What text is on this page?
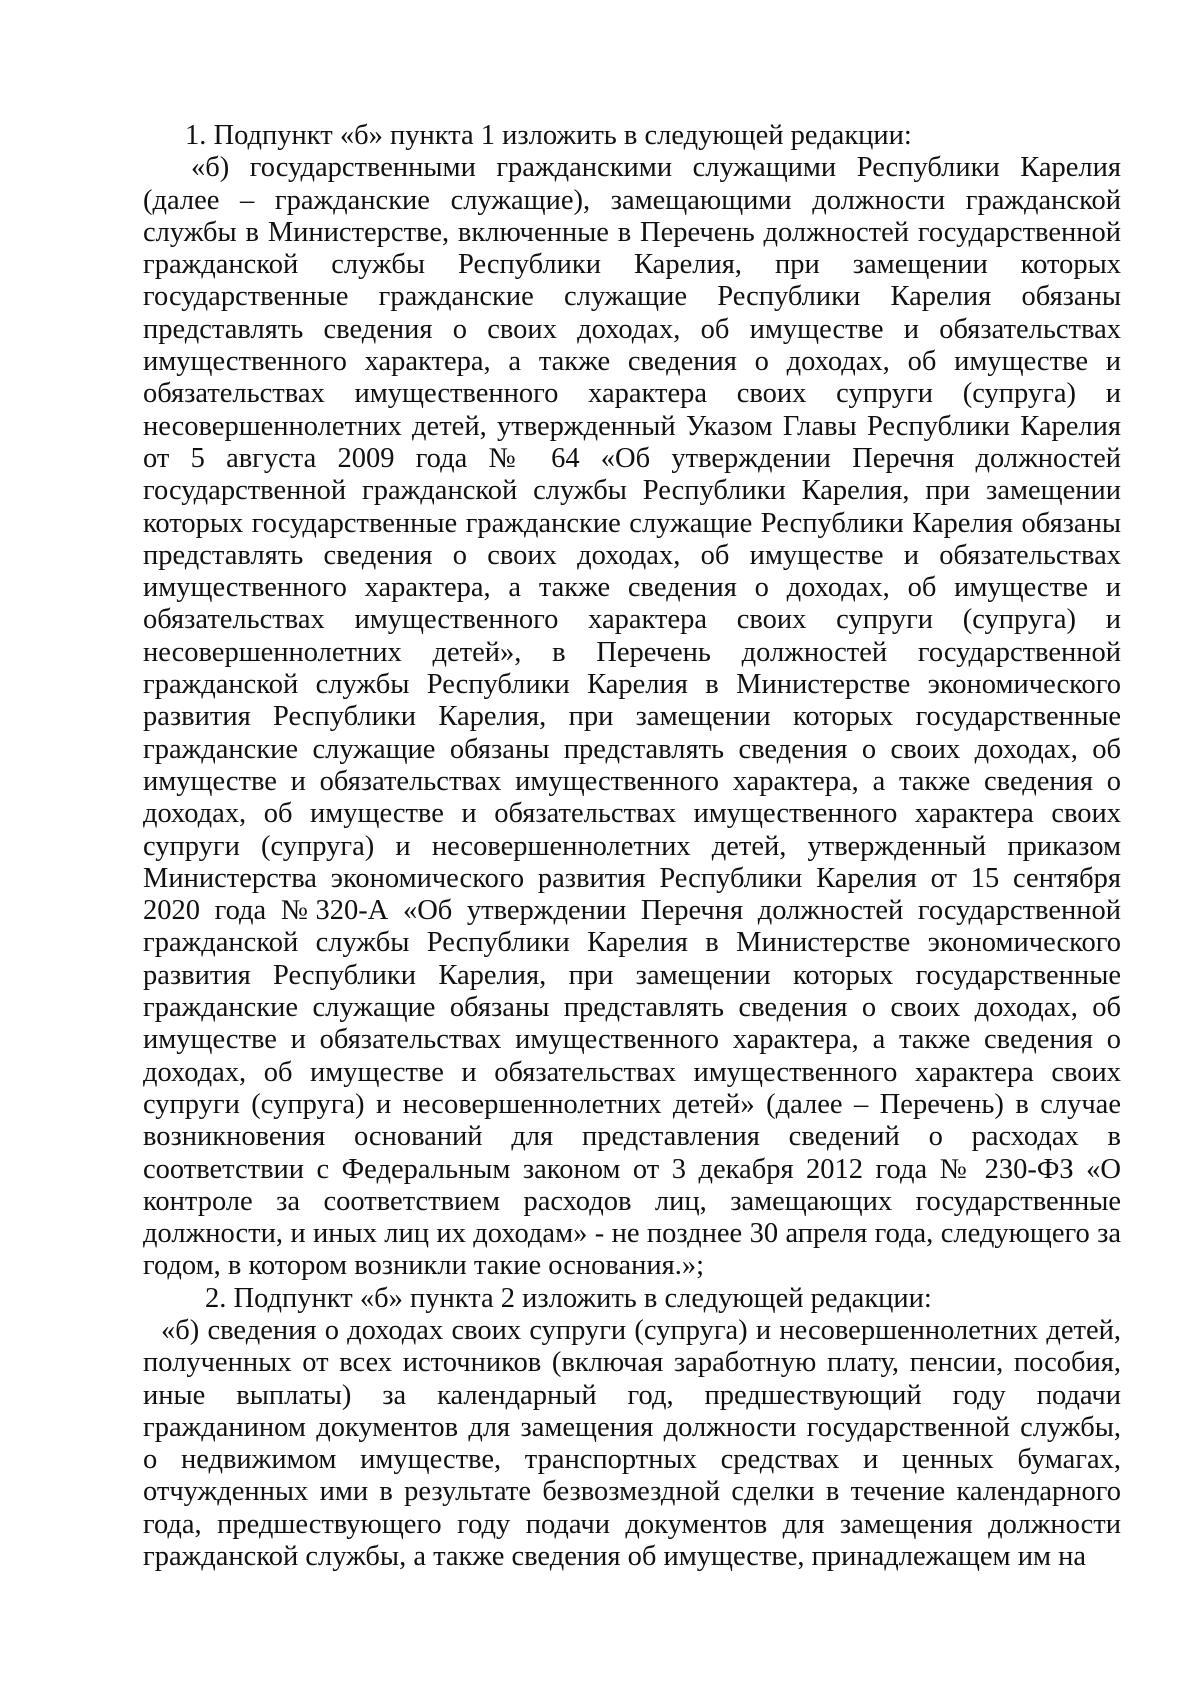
1. Подпункт «б» пункта 1 изложить в следующей редакции:

«б) государственными гражданскими служащими Республики Карелия (далее – гражданские служащие), замещающими должности гражданской службы в Министерстве, включенные в Перечень должностей государственной гражданской службы Республики Карелия, при замещении которых государственные гражданские служащие Республики Карелия обязаны представлять сведения о своих доходах, об имуществе и обязательствах имущественного характера, а также сведения о доходах, об имуществе и обязательствах имущественного характера своих супруги (супруга) и несовершеннолетних детей, утвержденный Указом Главы Республики Карелия от 5 августа 2009 года № 64 «Об утверждении Перечня должностей государственной гражданской службы Республики Карелия, при замещении которых государственные гражданские служащие Республики Карелия обязаны представлять сведения о своих доходах, об имуществе и обязательствах имущественного характера, а также сведения о доходах, об имуществе и обязательствах имущественного характера своих супруги (супруга) и несовершеннолетних детей», в Перечень должностей государственной гражданской службы Республики Карелия в Министерстве экономического развития Республики Карелия, при замещении которых государственные гражданские служащие обязаны представлять сведения о своих доходах, об имуществе и обязательствах имущественного характера, а также сведения о доходах, об имуществе и обязательствах имущественного характера своих супруги (супруга) и несовершеннолетних детей, утвержденный приказом Министерства экономического развития Республики Карелия от 15 сентября 2020 года №320-А «Об утверждении Перечня должностей государственной гражданской службы Республики Карелия в Министерстве экономического развития Республики Карелия, при замещении которых государственные гражданские служащие обязаны представлять сведения о своих доходах, об имуществе и обязательствах имущественного характера, а также сведения о доходах, об имуществе и обязательствах имущественного характера своих супруги (супруга) и несовершеннолетних детей» (далее – Перечень) в случае возникновения оснований для представления сведений о расходах в соответствии с Федеральным законом от 3 декабря 2012 года № 230-ФЗ «О контроле за соответствием расходов лиц, замещающих государственные должности, и иных лиц их доходам» - не позднее 30 апреля года, следующего за годом, в котором возникли такие основания.»;

2. Подпункт «б» пункта 2 изложить в следующей редакции:

«б) сведения о доходах своих супруги (супруга) и несовершеннолетних детей, полученных от всех источников (включая заработную плату, пенсии, пособия, иные выплаты) за календарный год, предшествующий году подачи гражданином документов для замещения должности государственной службы, о недвижимом имуществе, транспортных средствах и ценных бумагах, отчужденных ими в результате безвозмездной сделки в течение календарного года, предшествующего году подачи документов для замещения должности гражданской службы, а также сведения об имуществе, принадлежащем им на
